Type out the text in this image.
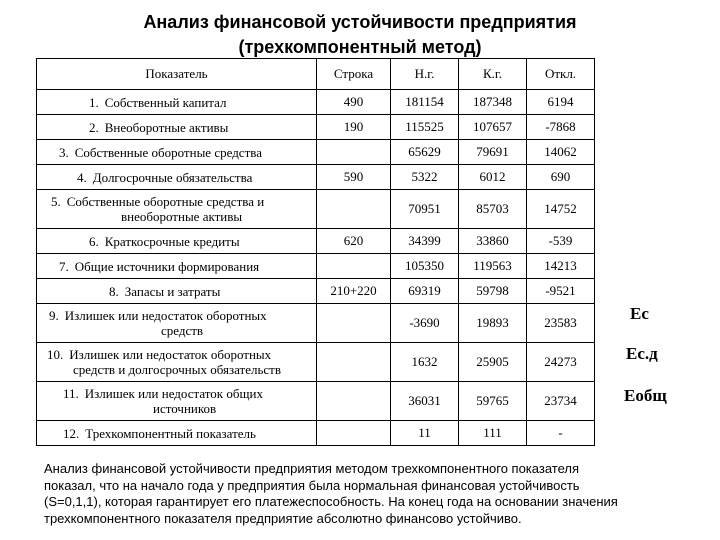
Анализ финансовой устойчивости предприятия
(трехкомпонентный метод)
Показатель	Строка	Н.г.	К.г.	Откл.
1. Собственный капитал	490	181154	187348	6194
2. Внеоборотные активы	190	115525	107657	-7868
3. Собственные оборотные средства		65629	79691	14062
4. Долгосрочные обязательства	590	5322	6012	690

5. Собственные оборотные средства и
внеоборотные активы		70951	85703	14752
6. Краткосрочные кредиты	620	34399	33860	-539
7. Общие источники формирования		105350	119563	14213
8. Запасы и затраты	210+220	69319	59798	-9521

9. Излишек или недостаток оборотных
средств		-3690	19893	23583

10. Излишек или недостаток оборотных
средств и долгосрочных обязательств		1632	25905	24273

11. Излишек или недостаток общих
источников		36031	59765	23734
12. Трехкомпонентный показатель		11	111	-
Ес
Ес.д
Еобщ
Анализ финансовой устойчивости предприятия методом трехкомпонентного показателя
показал, что на начало года у предприятия была нормальная финансовая устойчивость
(S=0,1,1), которая гарантирует его платежеспособность. На конец года на основании значения
трехкомпонентного показателя предприятие абсолютно финансово устойчиво.
